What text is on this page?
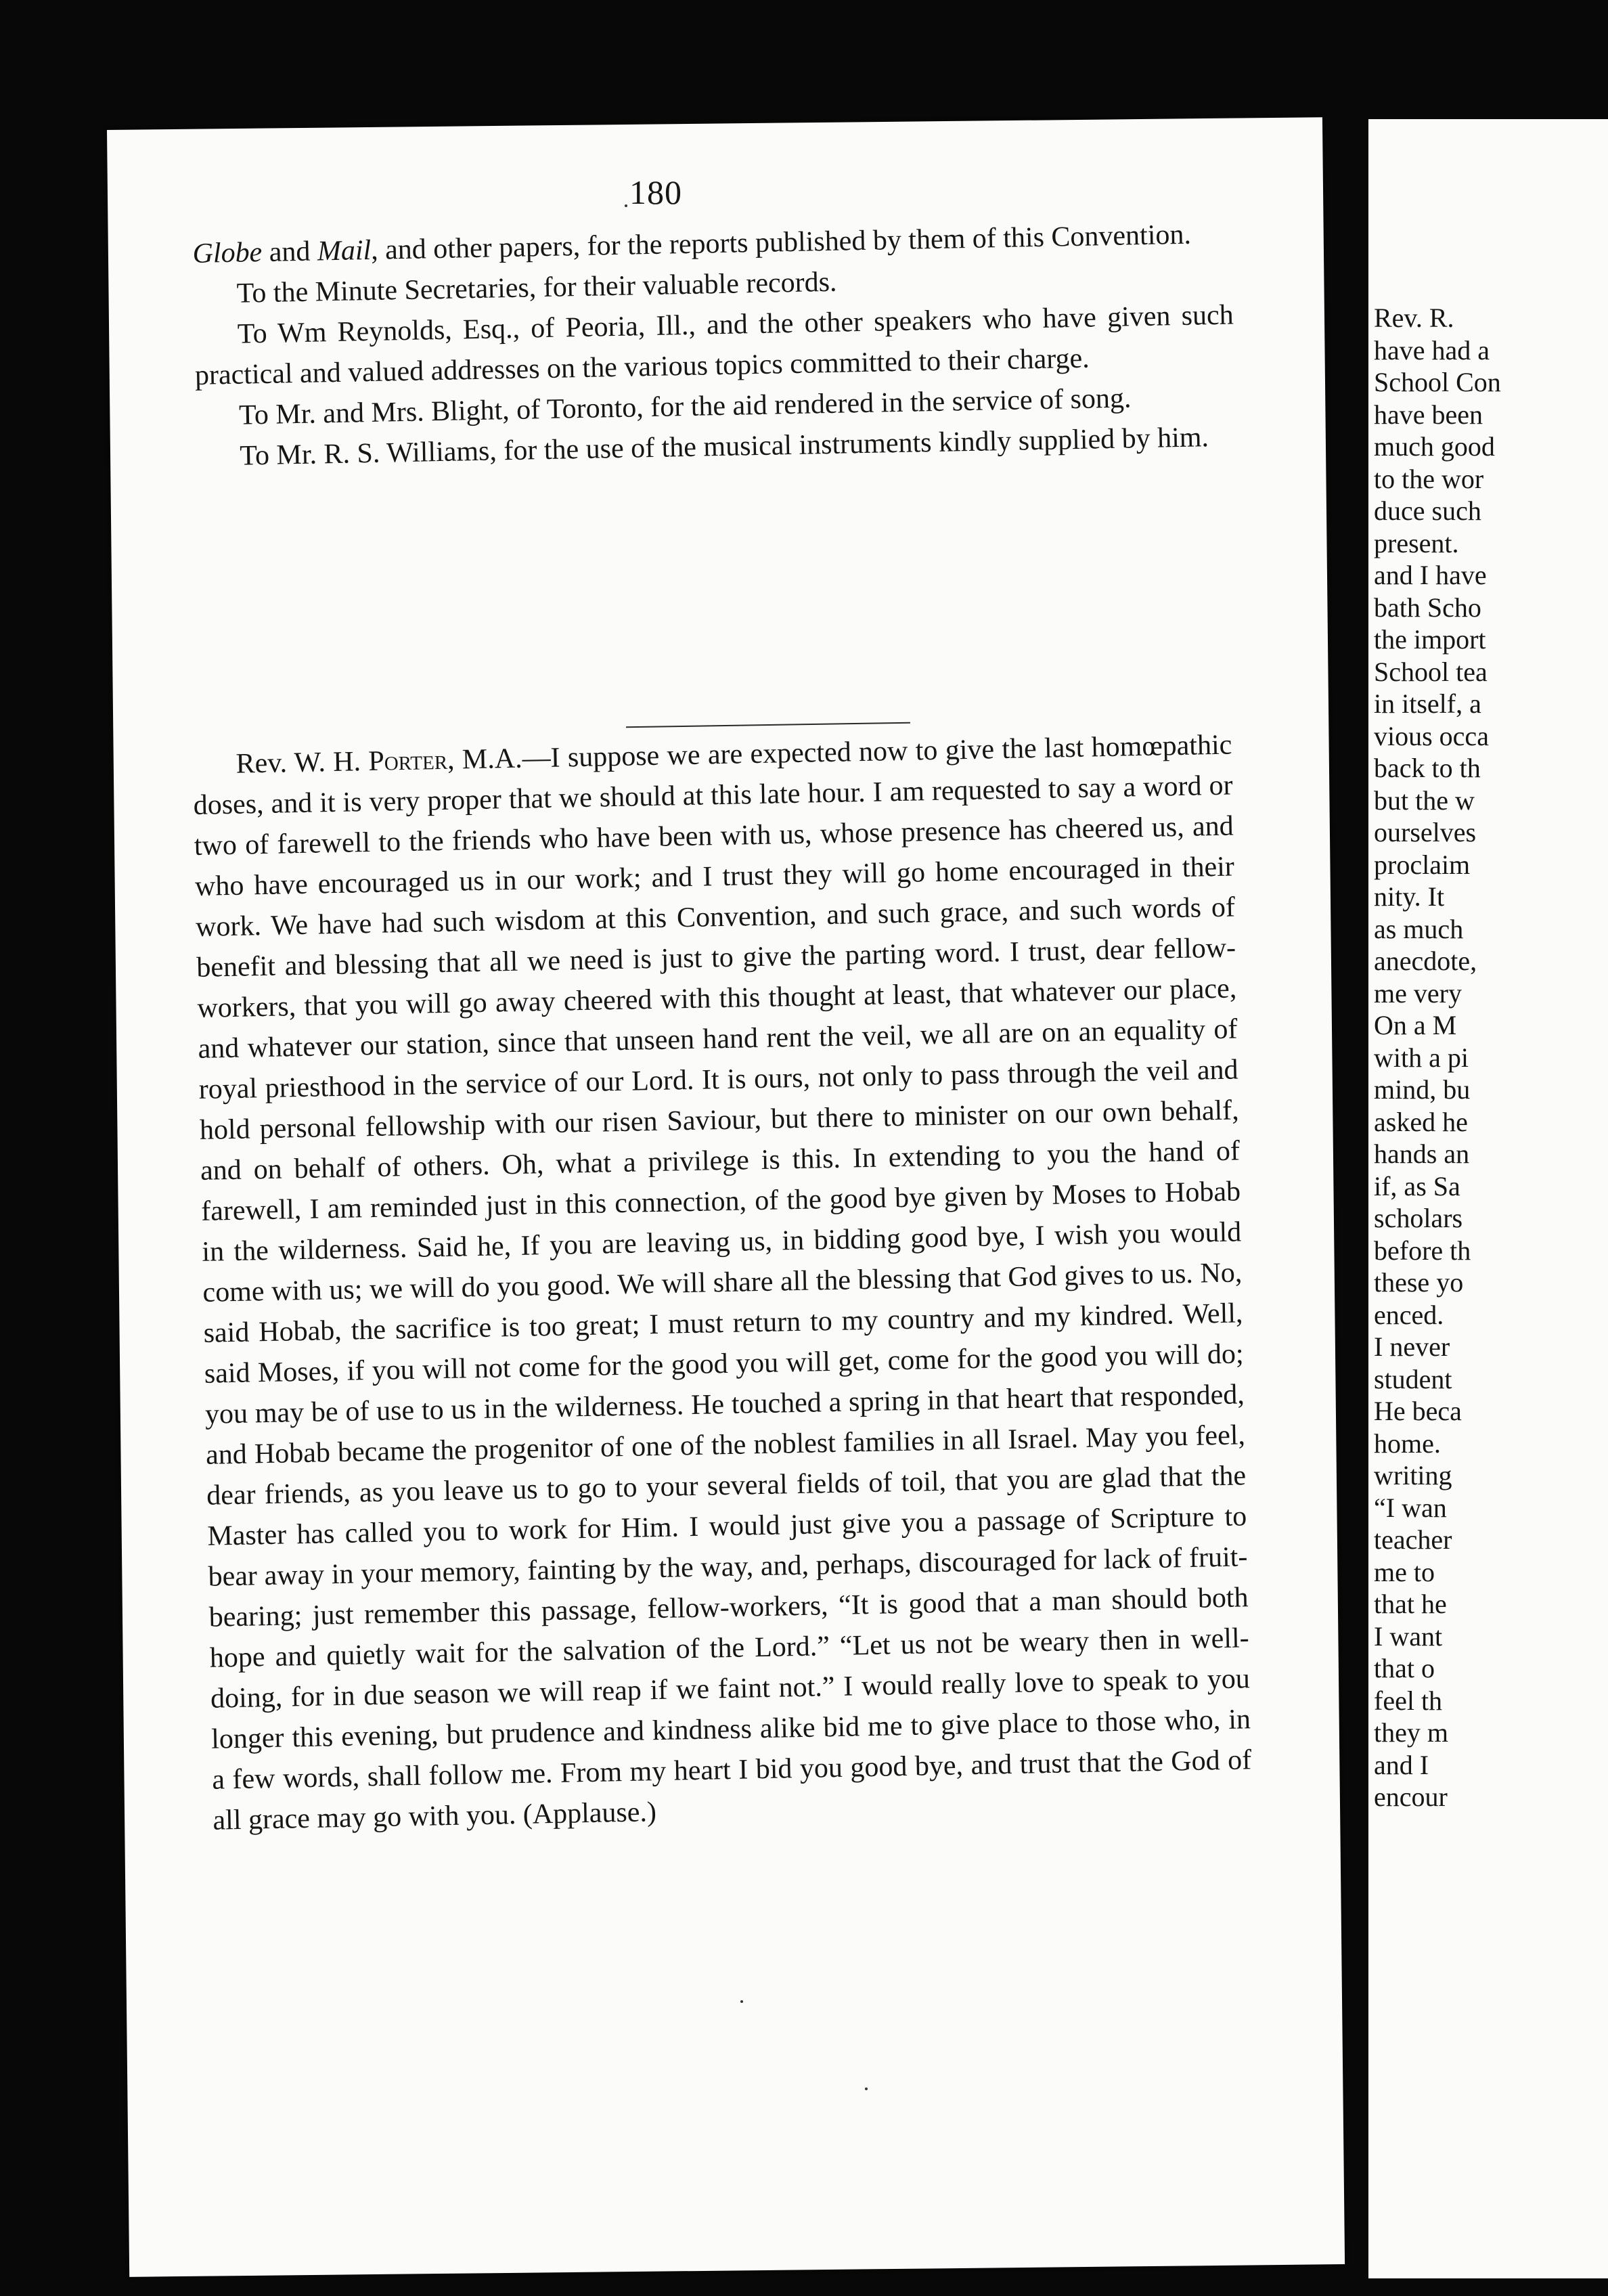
Rev. R.
have had a
School Con
have been
much good
to the wor
duce such
present.
and I have
bath Scho
the import
School tea
in itself, a
vious occa
back to th
but the w
ourselves
proclaim
nity. It
as much
anecdote,
me very
On a M
with a pi
mind, bu
asked he
hands an
if, as Sa
scholars
before th
these yo
enced.
I never
student
He beca
home.
writing
“I wan
teacher
me to
that he
I want
that o
feel th
they m
and I
encour
180

Globe and Mail, and other papers, for the reports published by them of this Convention.

To the Minute Secretaries, for their valuable records.

To Wm Reynolds, Esq., of Peoria, Ill., and the other speakers who have given such practical and valued addresses on the various topics committed to their charge.

To Mr. and Mrs. Blight, of Toronto, for the aid rendered in the service of song.

To Mr. R. S. Williams, for the use of the musical instruments kindly supplied by him.

Rev. W. H. Porter, M.A.—I suppose we are expected now to give the last homœpathic doses, and it is very proper that we should at this late hour. I am requested to say a word or two of farewell to the friends who have been with us, whose presence has cheered us, and who have encouraged us in our work; and I trust they will go home encouraged in their work. We have had such wisdom at this Convention, and such grace, and such words of benefit and blessing that all we need is just to give the parting word. I trust, dear fellow-workers, that you will go away cheered with this thought at least, that whatever our place, and whatever our station, since that unseen hand rent the veil, we all are on an equality of royal priesthood in the service of our Lord. It is ours, not only to pass through the veil and hold personal fellowship with our risen Saviour, but there to minister on our own behalf, and on behalf of others. Oh, what a privilege is this. In extending to you the hand of farewell, I am reminded just in this connection, of the good bye given by Moses to Hobab in the wilderness. Said he, If you are leaving us, in bidding good bye, I wish you would come with us; we will do you good. We will share all the blessing that God gives to us. No, said Hobab, the sacrifice is too great; I must return to my country and my kindred. Well, said Moses, if you will not come for the good you will get, come for the good you will do; you may be of use to us in the wilderness. He touched a spring in that heart that responded, and Hobab became the progenitor of one of the noblest families in all Israel. May you feel, dear friends, as you leave us to go to your several fields of toil, that you are glad that the Master has called you to work for Him. I would just give you a passage of Scripture to bear away in your memory, fainting by the way, and, perhaps, discouraged for lack of fruit-bearing; just remember this passage, fellow-workers, “It is good that a man should both hope and quietly wait for the salvation of the Lord.” “Let us not be weary then in well-doing, for in due season we will reap if we faint not.” I would really love to speak to you longer this evening, but prudence and kindness alike bid me to give place to those who, in a few words, shall follow me. From my heart I bid you good bye, and trust that the God of all grace may go with you. (Applause.)
